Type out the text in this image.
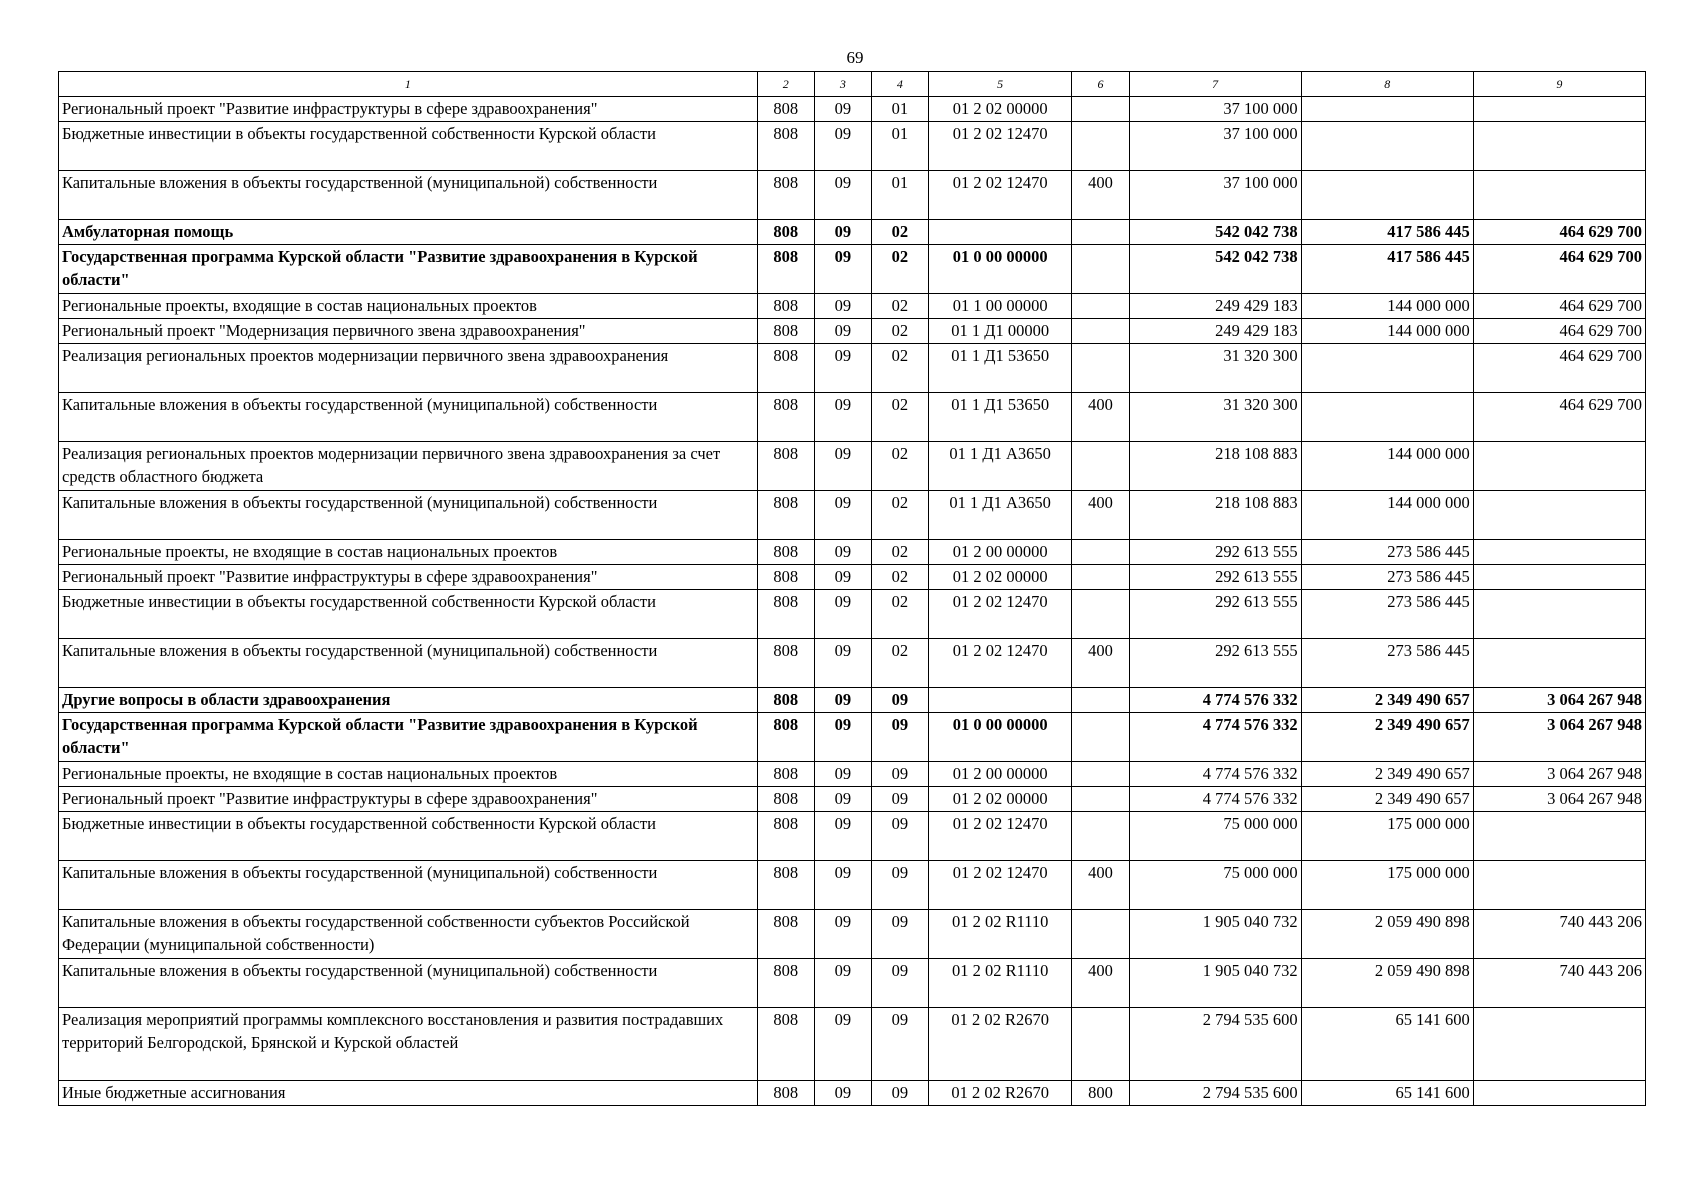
69
1	2	3	4	5	6	7	8	9
Региональный проект "Развитие инфраструктуры в сфере здравоохранения"	808	09	01	01 2 02 00000		37 100 000		
Бюджетные инвестиции в объекты государственной собственности Курской области	808	09	01	01 2 02 12470		37 100 000		
Капитальные вложения в объекты государственной (муниципальной) собственности	808	09	01	01 2 02 12470	400	37 100 000		
Амбулаторная помощь	808	09	02			542 042 738	417 586 445	464 629 700
Государственная программа Курской области "Развитие здравоохранения в Курской области"	808	09	02	01 0 00 00000		542 042 738	417 586 445	464 629 700
Региональные проекты, входящие в состав национальных проектов	808	09	02	01 1 00 00000		249 429 183	144 000 000	464 629 700
Региональный проект "Модернизация первичного звена здравоохранения"	808	09	02	01 1 Д1 00000		249 429 183	144 000 000	464 629 700
Реализация региональных проектов модернизации первичного звена здравоохранения	808	09	02	01 1 Д1 53650		31 320 300		464 629 700
Капитальные вложения в объекты государственной (муниципальной) собственности	808	09	02	01 1 Д1 53650	400	31 320 300		464 629 700
Реализация региональных проектов модернизации первичного звена здравоохранения за счет средств областного бюджета	808	09	02	01 1 Д1 А3650		218 108 883	144 000 000	
Капитальные вложения в объекты государственной (муниципальной) собственности	808	09	02	01 1 Д1 А3650	400	218 108 883	144 000 000	
Региональные проекты, не входящие в состав национальных проектов	808	09	02	01 2 00 00000		292 613 555	273 586 445	
Региональный проект "Развитие инфраструктуры в сфере здравоохранения"	808	09	02	01 2 02 00000		292 613 555	273 586 445	
Бюджетные инвестиции в объекты государственной собственности Курской области	808	09	02	01 2 02 12470		292 613 555	273 586 445	
Капитальные вложения в объекты государственной (муниципальной) собственности	808	09	02	01 2 02 12470	400	292 613 555	273 586 445	
Другие вопросы в области здравоохранения	808	09	09			4 774 576 332	2 349 490 657	3 064 267 948
Государственная программа Курской области "Развитие здравоохранения в Курской области"	808	09	09	01 0 00 00000		4 774 576 332	2 349 490 657	3 064 267 948
Региональные проекты, не входящие в состав национальных проектов	808	09	09	01 2 00 00000		4 774 576 332	2 349 490 657	3 064 267 948
Региональный проект "Развитие инфраструктуры в сфере здравоохранения"	808	09	09	01 2 02 00000		4 774 576 332	2 349 490 657	3 064 267 948
Бюджетные инвестиции в объекты государственной собственности Курской области	808	09	09	01 2 02 12470		75 000 000	175 000 000	
Капитальные вложения в объекты государственной (муниципальной) собственности	808	09	09	01 2 02 12470	400	75 000 000	175 000 000	
Капитальные вложения в объекты государственной собственности субъектов Российской Федерации (муниципальной собственности)	808	09	09	01 2 02 R1110		1 905 040 732	2 059 490 898	740 443 206
Капитальные вложения в объекты государственной (муниципальной) собственности	808	09	09	01 2 02 R1110	400	1 905 040 732	2 059 490 898	740 443 206
Реализация мероприятий программы комплексного восстановления и развития пострадавших территорий Белгородской, Брянской и Курской областей	808	09	09	01 2 02 R2670		2 794 535 600	65 141 600	
Иные бюджетные ассигнования	808	09	09	01 2 02 R2670	800	2 794 535 600	65 141 600	
